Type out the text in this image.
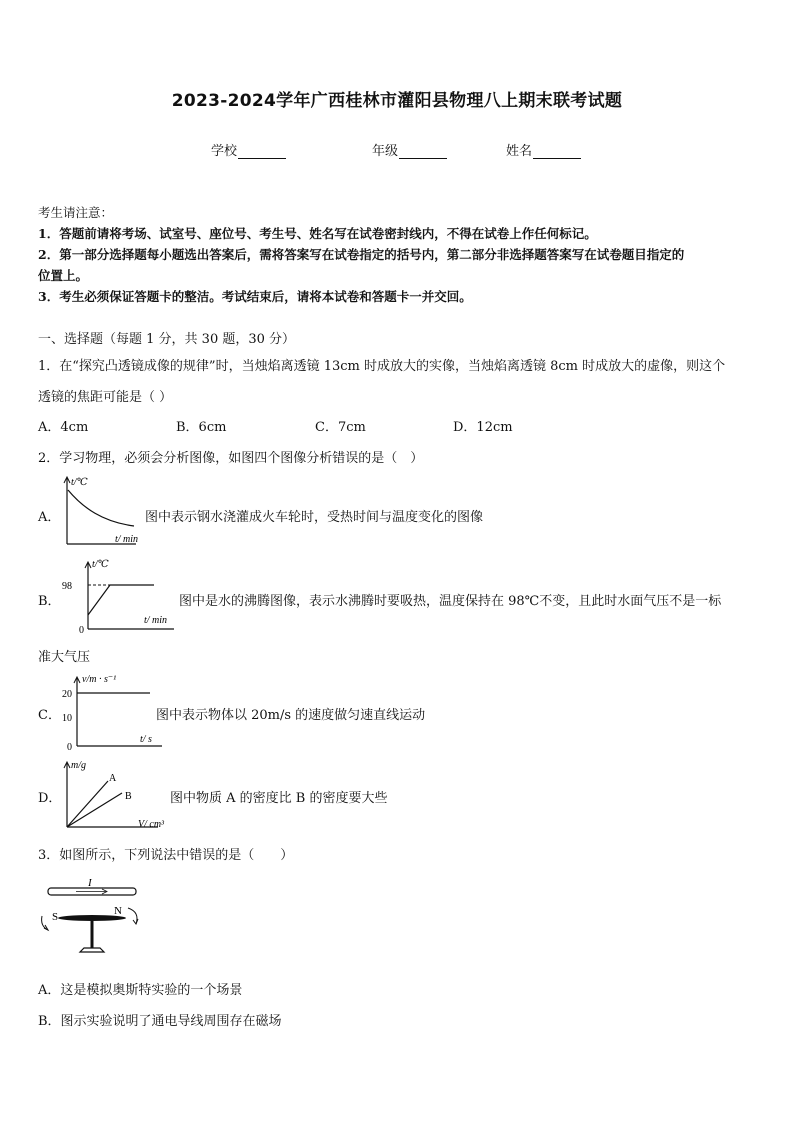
2023-2024学年广西桂林市灌阳县物理八上期末联考试题
学校	年级	姓名
考生请注意：
1．答题前请将考场、试室号、座位号、考生号、姓名写在试卷密封线内，不得在试卷上作任何标记。
2．第一部分选择题每小题选出答案后，需将答案写在试卷指定的括号内，第二部分非选择题答案写在试卷题目指定的
位置上。
3．考生必须保证答题卡的整洁。考试结束后，请将本试卷和答题卡一并交回。
一、选择题（每题 1 分，共 30 题，30 分）
1．在“探究凸透镜成像的规律”时，当烛焰离透镜 13cm 时成放大的实像，当烛焰离透镜 8cm 时成放大的虚像，则这个
透镜的焦距可能是（ ）
A．4cm	B．6cm	C．7cm	D．12cm
2．学习物理，必须会分析图像，如图四个图像分析错误的是（　）
A．
t/℃
t/ min
图中表示钢水浇灌成火车轮时，受热时间与温度变化的图像
B．
98
0
t/℃
t/ min
图中是水的沸腾图像，表示水沸腾时要吸热，温度保持在 98℃不变，且此时水面气压不是一标
准大气压
C．
20
10
0
v/m · s⁻¹
t/ s
图中表示物体以 20m/s 的速度做匀速直线运动
D．
A
B
m/g
V/ cm³
图中物质 A 的密度比 B 的密度要大些
3．如图所示，下列说法中错误的是（　　）
I
S	N
A．这是模拟奥斯特实验的一个场景
B．图示实验说明了通电导线周围存在磁场
